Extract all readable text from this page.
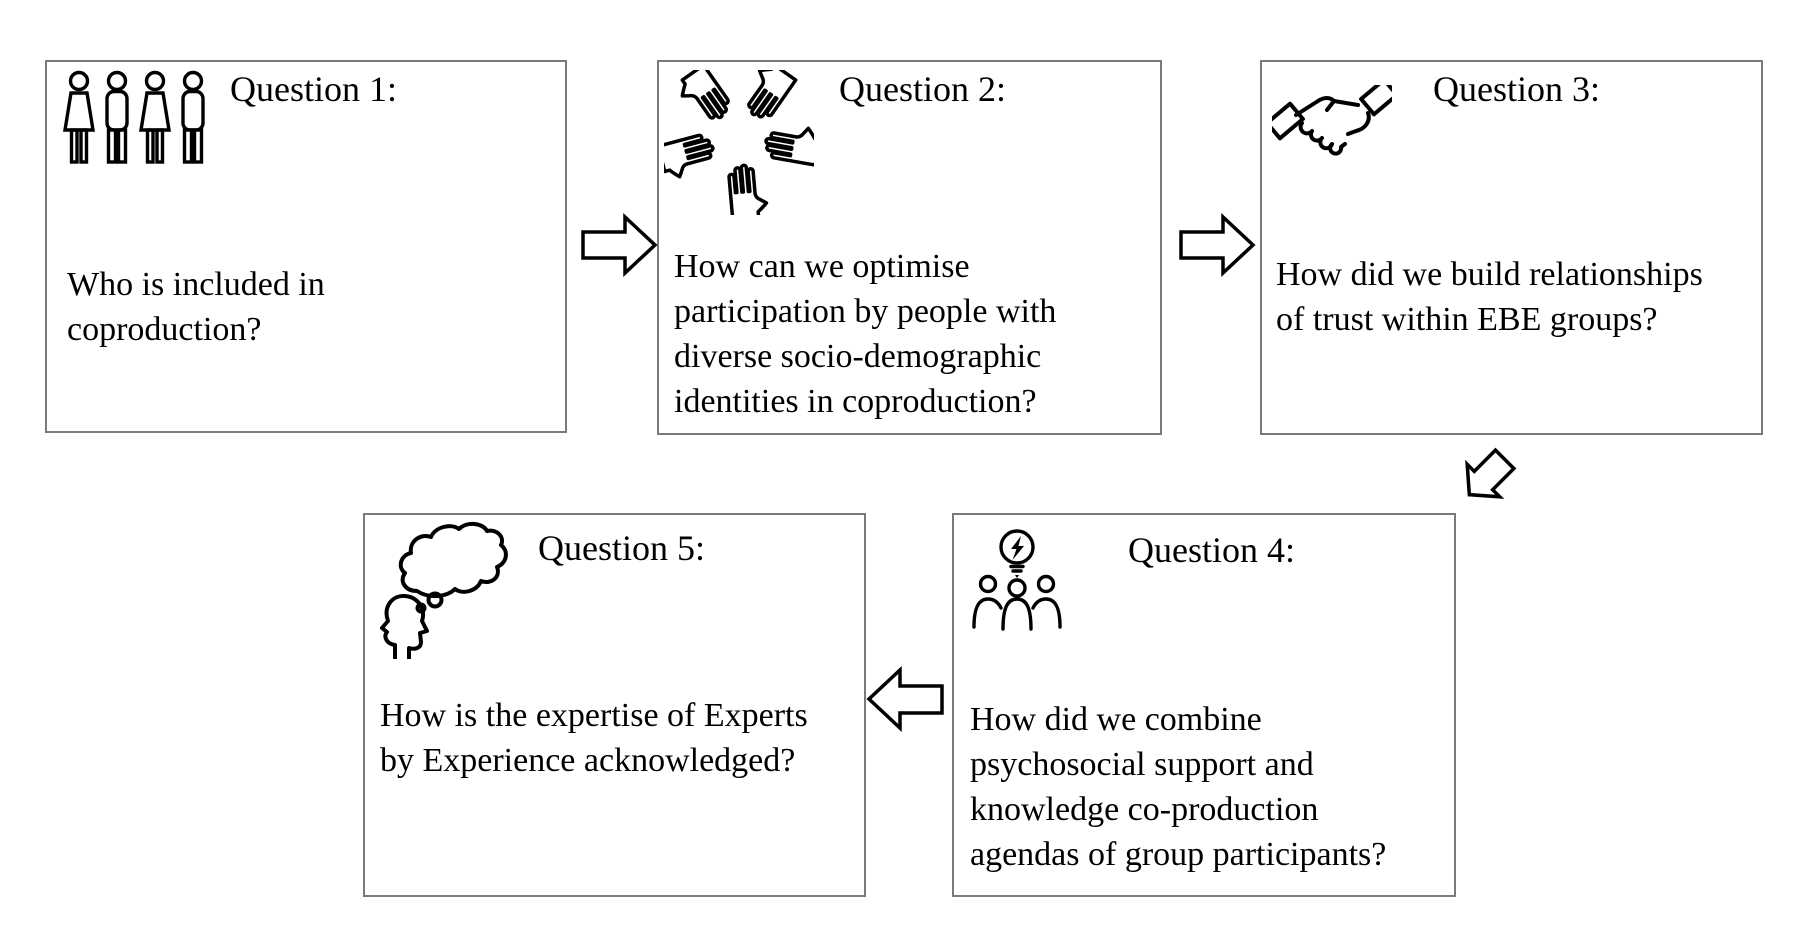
Question 1:
Who is included in coproduction?
Question 2:
How can we optimise participation by people with diverse socio-demographic identities in coproduction?
Question 3:
How did we build relationships of trust within EBE groups?
Question 5:
How is the expertise of Experts by Experience acknowledged?
Question 4:
How did we combine psychosocial support and knowledge co-production agendas of group participants?
